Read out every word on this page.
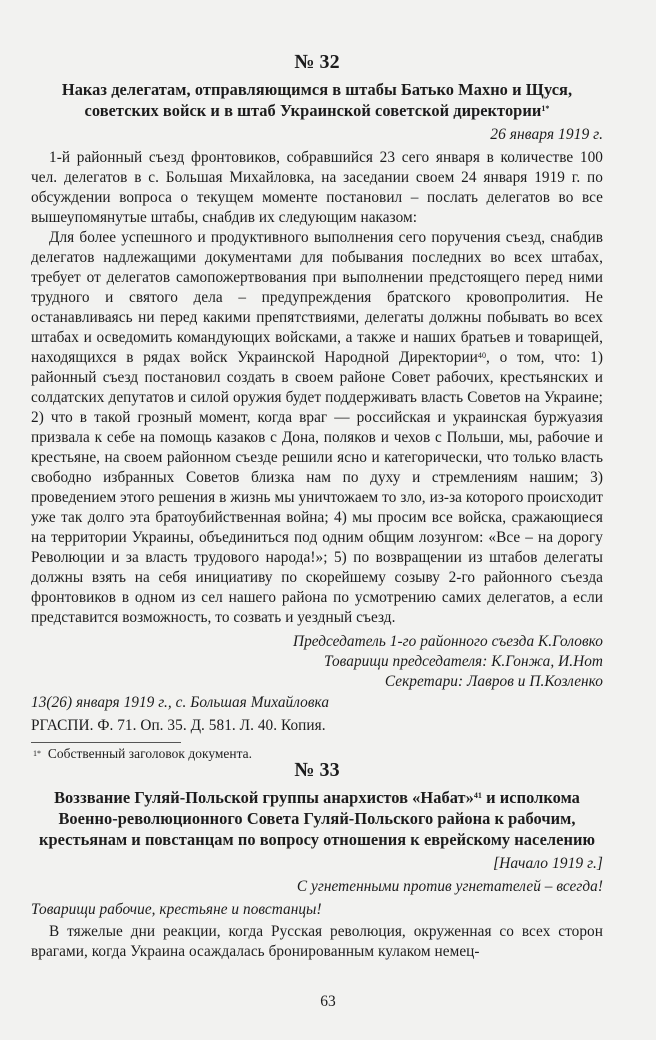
№ 32
Наказ делегатам, отправляющимся в штабы Батько Махно и Щуся, советских войск и в штаб Украинской советской директории$^{1*}$
26 января 1919 г.

1-й районный съезд фронтовиков, собравшийся 23 сего января в количестве 100 чел. делегатов в с. Большая Михайловка, на заседании своем 24 января 1919 г. по обсуждении вопроса о текущем моменте постановил – послать делегатов во все вышеупомянутые штабы, снабдив их следующим наказом:

Для более успешного и продуктивного выполнения сего поручения съезд, снабдив делегатов надлежащими документами для побывания последних во всех штабах, требует от делегатов самопожертвования при выполнении предстоящего перед ними трудного и святого дела – предупреждения братского кровопролития. Не останавливаясь ни перед какими препятствиями, делегаты должны побывать во всех штабах и осведомить командующих войсками, а также и наших братьев и товарищей, находящихся в рядах войск Украинской Народной Директории$^{40}$, о том, что: 1) районный съезд постановил создать в своем районе Совет рабочих, крестьянских и солдатских депутатов и силой оружия будет поддерживать власть Советов на Украине; 2) что в такой грозный момент, когда враг — российская и украинская буржуазия призвала к себе на помощь казаков с Дона, поляков и чехов с Польши, мы, рабочие и крестьяне, на своем районном съезде решили ясно и категорически, что только власть свободно избранных Советов близка нам по духу и стремлениям нашим; 3) проведением этого решения в жизнь мы уничтожаем то зло, из-за которого происходит уже так долго эта братоубийственная война; 4) мы просим все войска, сражающиеся на территории Украины, объединиться под одним общим лозунгом: «Все – на дорогу Революции и за власть трудового народа!»; 5) по возвращении из штабов делегаты должны взять на себя инициативу по скорейшему созыву 2-го районного съезда фронтовиков в одном из сел нашего района по усмотрению самих делегатов, а если представится возможность, то созвать и уездный съезд.

Председатель 1-го районного съезда К.Головко
Товарищи председателя: К.Гонжа, И.Нот
Секретари: Лавров и П.Козленко
13(26) января 1919 г., с. Большая Михайловка
РГАСПИ. Ф. 71. Оп. 35. Д. 581. Л. 40. Копия.
$^{1*}$ Собственный заголовок документа.
№ 33
Воззвание Гуляй-Польской группы анархистов «Набат»$^{41}$ и исполкома Военно-революционного Совета Гуляй-Польского района к рабочим, крестьянам и повстанцам по вопросу отношения к еврейскому населению
[Начало 1919 г.]
С угнетенными против угнетателей – всегда!
Товарищи рабочие, крестьяне и повстанцы!

В тяжелые дни реакции, когда Русская революция, окруженная со всех сторон врагами, когда Украина осаждалась бронированным кулаком немец-

63
